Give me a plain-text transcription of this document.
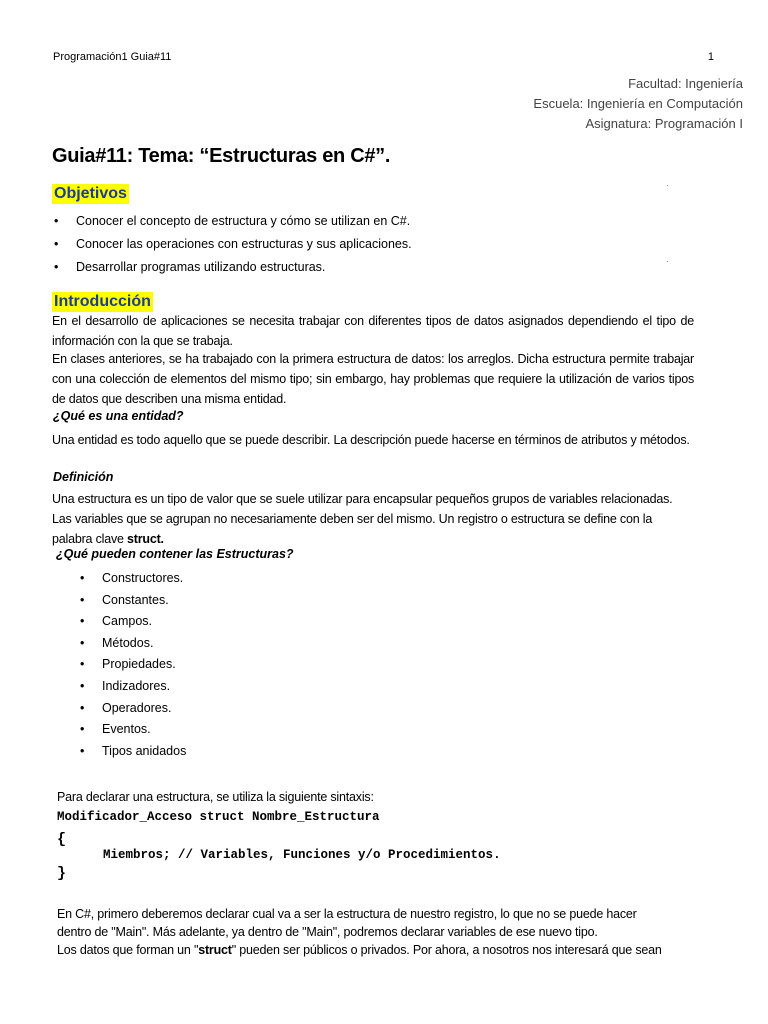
Programación1 Guia#11	1
Facultad: Ingeniería
Escuela: Ingeniería en Computación
Asignatura: Programación I
Guia#11: Tema: “Estructuras en C#”.
Objetivos	·
• Conocer el concepto de estructura y cómo se utilizan en C#.
• Conocer las operaciones con estructuras y sus aplicaciones.
• Desarrollar programas utilizando estructuras.	·
Introducción
En el desarrollo de aplicaciones se necesita trabajar con diferentes tipos de datos asignados dependiendo el tipo de información con la que se trabaja.
En clases anteriores, se ha trabajado con la primera estructura de datos: los arreglos. Dicha estructura permite trabajar con una colección de elementos del mismo tipo; sin embargo, hay problemas que requiere la utilización de varios tipos de datos que describen una misma entidad.
¿Qué es una entidad?
Una entidad es todo aquello que se puede describir. La descripción puede hacerse en términos de atributos y métodos.
Definición
Una estructura es un tipo de valor que se suele utilizar para encapsular pequeños grupos de variables relacionadas. Las variables que se agrupan no necesariamente deben ser del mismo. Un registro o estructura se define con la palabra clave struct.
¿Qué pueden contener las Estructuras?
• Constructores.
• Constantes.
• Campos.
• Métodos.
• Propiedades.
• Indizadores.
• Operadores.
• Eventos.
• Tipos anidados
Para declarar una estructura, se utiliza la siguiente sintaxis:
Modificador_Acceso struct Nombre_Estructura
{
Miembros; // Variables, Funciones y/o Procedimientos.
}
En C#, primero deberemos declarar cual va a ser la estructura de nuestro registro, lo que no se puede hacer
dentro de "Main". Más adelante, ya dentro de "Main", podremos declarar variables de ese nuevo tipo.
Los datos que forman un "struct" pueden ser públicos o privados. Por ahora, a nosotros nos interesará que sean
